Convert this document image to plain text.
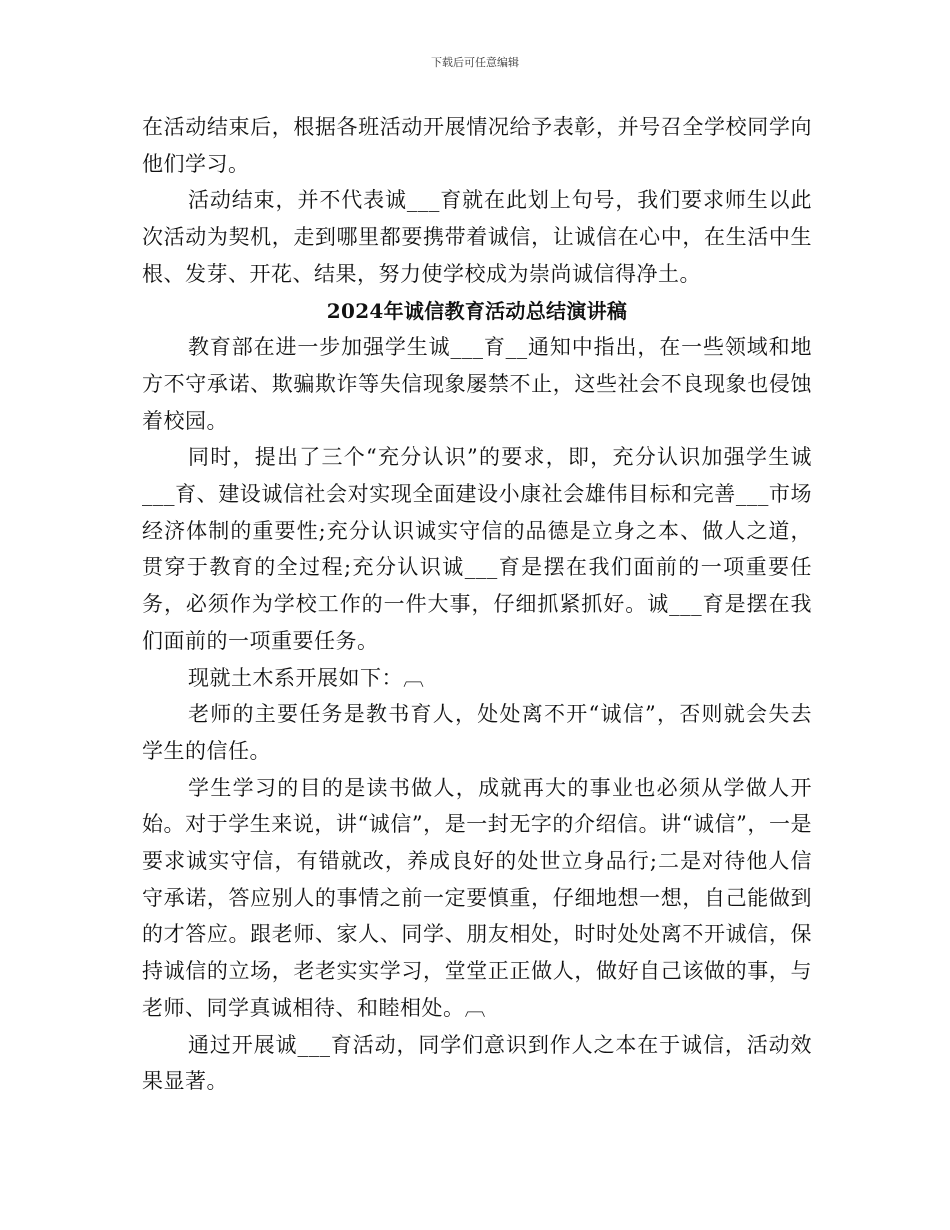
下载后可任意编辑

在活动结束后，根据各班活动开展情况给予表彰，并号召全学校同学向他们学习。

活动结束，并不代表诚___育就在此划上句号，我们要求师生以此次活动为契机，走到哪里都要携带着诚信，让诚信在心中，在生活中生根、发芽、开花、结果，努力使学校成为崇尚诚信得净土。

2024年诚信教育活动总结演讲稿

教育部在进一步加强学生诚___育__通知中指出，在一些领域和地方不守承诺、欺骗欺诈等失信现象屡禁不止，这些社会不良现象也侵蚀着校园。

同时，提出了三个“充分认识”的要求，即，充分认识加强学生诚___育、建设诚信社会对实现全面建设小康社会雄伟目标和完善___市场经济体制的重要性;充分认识诚实守信的品德是立身之本、做人之道，贯穿于教育的全过程;充分认识诚___育是摆在我们面前的一项重要任务，必须作为学校工作的一件大事，仔细抓紧抓好。诚___育是摆在我们面前的一项重要任务。

现就土木系开展如下：︹

老师的主要任务是教书育人，处处离不开“诚信”，否则就会失去学生的信任。

学生学习的目的是读书做人，成就再大的事业也必须从学做人开始。对于学生来说，讲“诚信”，是一封无字的介绍信。讲“诚信”，一是要求诚实守信，有错就改，养成良好的处世立身品行;二是对待他人信守承诺，答应别人的事情之前一定要慎重，仔细地想一想，自己能做到的才答应。跟老师、家人、同学、朋友相处，时时处处离不开诚信，保持诚信的立场，老老实实学习，堂堂正正做人，做好自己该做的事，与老师、同学真诚相待、和睦相处。︹

通过开展诚___育活动，同学们意识到作人之本在于诚信，活动效果显著。
